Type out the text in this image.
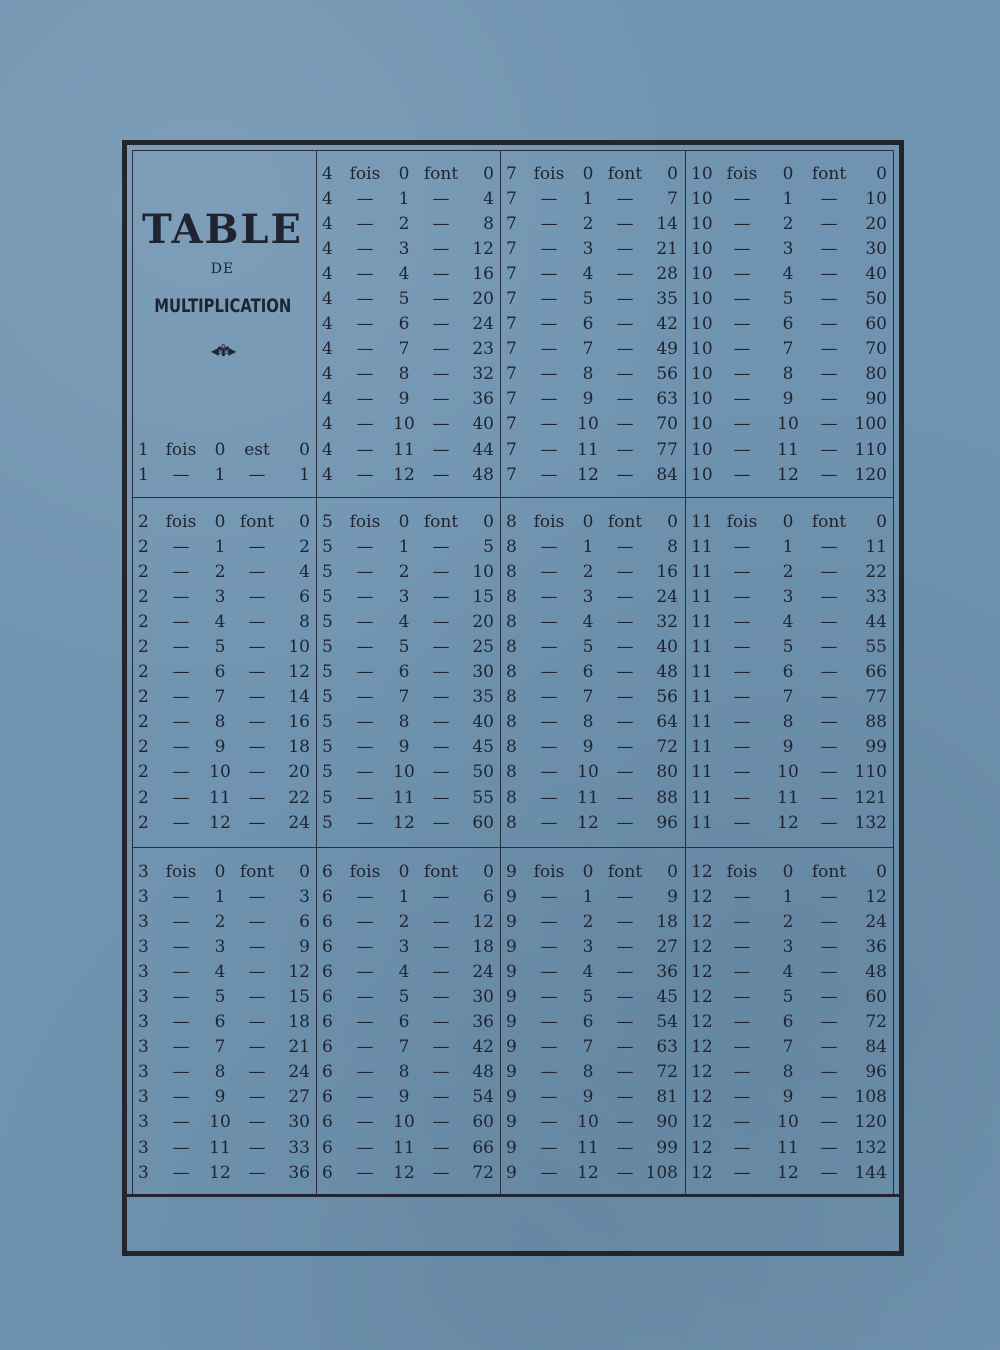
TABLE
DE
MULTIPLICATION
◂✾▸
1 fois	0	est	0
1	—	1	—	1
2 fois	0 font	0
2	—	1	—	2
2	—	2	—	4
2	—	3	—	6
2	—	4	—	8
2	—	5	—	10
2	—	6	—	12
2	—	7	—	14
2	—	8	—	16
2	—	9	—	18
2	—	10	—	20
2	—	11	—	22
2	—	12	—	24
3 fois	0 font	0
3	—	1	—	3
3	—	2	—	6
3	—	3	—	9
3	—	4	—	12
3	—	5	—	15
3	—	6	—	18
3	—	7	—	21
3	—	8	—	24
3	—	9	—	27
3	—	10	—	30
3	—	11	—	33
3	—	12	—	36
4 fois	0 font	0
4	—	1	—	4
4	—	2	—	8
4	—	3	—	12
4	—	4	—	16
4	—	5	—	20
4	—	6	—	24
4	—	7	—	23
4	—	8	—	32
4	—	9	—	36
4	—	10	—	40
4	—	11	—	44
4	—	12	—	48
5 fois	0 font	0
5	—	1	—	5
5	—	2	—	10
5	—	3	—	15
5	—	4	—	20
5	—	5	—	25
5	—	6	—	30
5	—	7	—	35
5	—	8	—	40
5	—	9	—	45
5	—	10	—	50
5	—	11	—	55
5	—	12	—	60
6 fois	0 font	0
6	—	1	—	6
6	—	2	—	12
6	—	3	—	18
6	—	4	—	24
6	—	5	—	30
6	—	6	—	36
6	—	7	—	42
6	—	8	—	48
6	—	9	—	54
6	—	10	—	60
6	—	11	—	66
6	—	12	—	72
7 fois	0 font	0
7	—	1	—	7
7	—	2	—	14
7	—	3	—	21
7	—	4	—	28
7	—	5	—	35
7	—	6	—	42
7	—	7	—	49
7	—	8	—	56
7	—	9	—	63
7	—	10	—	70
7	—	11	—	77
7	—	12	—	84
8 fois	0 font	0
8	—	1	—	8
8	—	2	—	16
8	—	3	—	24
8	—	4	—	32
8	—	5	—	40
8	—	6	—	48
8	—	7	—	56
8	—	8	—	64
8	—	9	—	72
8	—	10	—	80
8	—	11	—	88
8	—	12	—	96
9 fois	0 font	0
9	—	1	—	9
9	—	2	—	18
9	—	3	—	27
9	—	4	—	36
9	—	5	—	45
9	—	6	—	54
9	—	7	—	63
9	—	8	—	72
9	—	9	—	81
9	—	10	—	90
9	—	11	—	99
9	—	12	— 108
10 fois	0	font	0
10	—	1	—	10
10	—	2	—	20
10	—	3	—	30
10	—	4	—	40
10	—	5	—	50
10	—	6	—	60
10	—	7	—	70
10	—	8	—	80
10	—	9	—	90
10	—	10	—	100
10	—	11	—	110
10	—	12	—	120
11 fois	0	font	0
11	—	1	—	11
11	—	2	—	22
11	—	3	—	33
11	—	4	—	44
11	—	5	—	55
11	—	6	—	66
11	—	7	—	77
11	—	8	—	88
11	—	9	—	99
11	—	10	—	110
11	—	11	—	121
11	—	12	—	132
12 fois	0	font	0
12	—	1	—	12
12	—	2	—	24
12	—	3	—	36
12	—	4	—	48
12	—	5	—	60
12	—	6	—	72
12	—	7	—	84
12	—	8	—	96
12	—	9	—	108
12	—	10	—	120
12	—	11	—	132
12	—	12	—	144
